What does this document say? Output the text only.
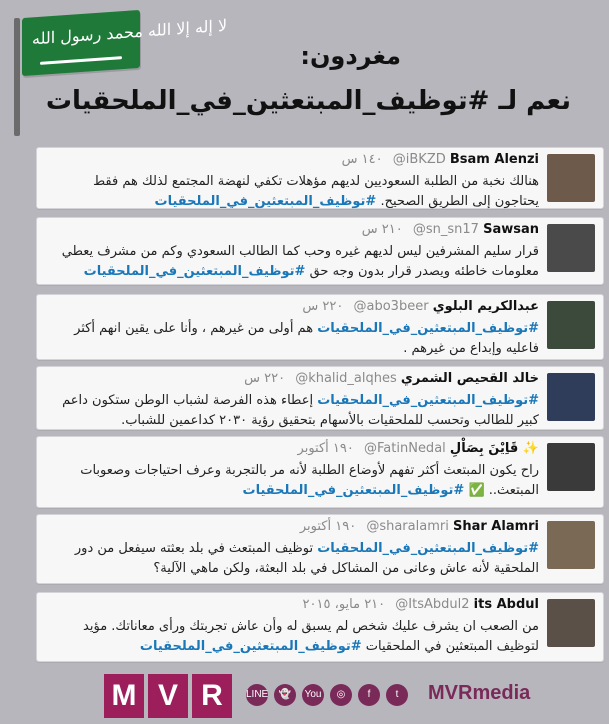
لا إله إلا الله محمد رسول الله
مغردون:
نعم لـ #توظيف_المبتعثين_في_الملحقيات
١٤٠ س @iBKZD Bsam Alenzi
هنالك نخبة من الطلبة السعوديين لديهم مؤهلات تكفي لنهضة المجتمع لذلك هم فقط يحتاجون إلى الطريق الصحيح. #توظيف_المبتعثين_في_الملحقيات
٢١٠ س @sn_sn17 Sawsan
قرار سليم المشرفين ليس لديهم غيره وحب كما الطالب السعودي وكم من مشرف يعطي معلومات خاطئه ويصدر قرار بدون وجه حق #توظيف_المبتعثين_في_الملحقيات
٢٢٠ س @abo3beer عبدالكريم البلوي
#توظيف_المبتعثين_في_الملحقيات هم أولى من غيرهم ، وأنا على يقين انهم أكثر فاعليه وإبداع من غيرهم .
٢٢٠ س @khalid_alqhes خالد القحيص الشمري
#توظيف_المبتعثين_في_الملحقيات إعطاء هذه الفرصة لشباب الوطن ستكون داعم كبير للطالب وتحسب للملحقيات بالأسهام بتحقيق رؤية ٢٠٣٠ كداعمين للشباب.
١٩٠ أكتوبر @FatinNedal قَاِيْنَ بِصَاْلِ ✨
راح يكون المبتعث أكثر تفهم لأوضاع الطلبة لأنه مر بالتجربة وعرف احتياجات وصعوبات المبتعث.. ✅ #توظيف_المبتعثين_في_الملحقيات
١٩٠ أكتوبر @sharalamri Shar Alamri
#توظيف_المبتعثين_في_الملحقيات توظيف المبتعث في بلد بعثته سيفعل من دور الملحقية لأنه عاش وعانى من المشاكل في بلد البعثة، ولكن ماهي الآلية؟
٢١٠ مايو، ٢٠١٥ @ItsAbdul2 its Abdul
من الصعب ان يشرف عليك شخص لم يسبق له وأن عاش تجربتك ورأى معاناتك. مؤيد لتوظيف المبتعثين في الملحقيات #توظيف_المبتعثين_في_الملحقيات
M V R	LINE	👻	You	◎	f	t	MVRmedia
